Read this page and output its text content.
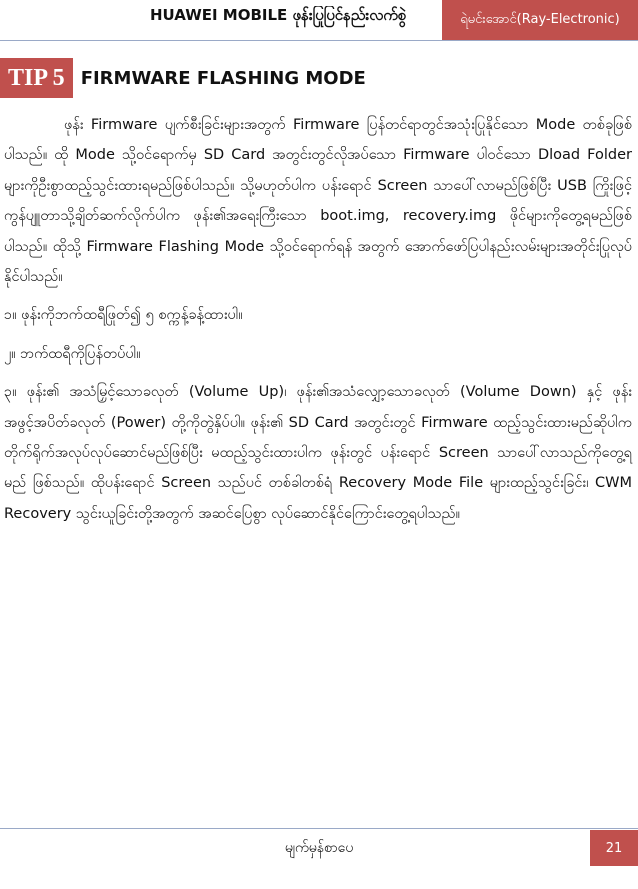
HUAWEI MOBILE ဖုန်းပြုပြင်နည်းလက်စွဲ	ရဲမင်းအောင်(Ray-Electronic)
TIP 5 FIRMWARE FLASHING MODE

ဖုန်း Firmware ပျက်စီးခြင်းများအတွက် Firmware ပြန်တင်ရာတွင်အသုံးပြုနိုင်သော Mode တစ်ခုဖြစ်ပါသည်။ ထို Mode သို့ဝင်ရောက်မှ SD Card အတွင်းတွင်လိုအပ်သော Firmware ပါဝင်သော Dload Folder များကိုဦးစွာထည့်သွင်းထားရမည်ဖြစ်ပါသည်။ သို့မဟုတ်ပါက ပန်းရောင် Screen သာပေါ်လာမည်ဖြစ်ပြီး USB ကြိုးဖြင့် ကွန်ပျူတာသို့ချိတ်ဆက်လိုက်ပါက ဖုန်း၏အရေးကြီးသော boot.img, recovery.img ဖိုင်များကိုတွေ့ရမည်ဖြစ်ပါသည်။ ထိုသို့ Firmware Flashing Mode သို့ဝင်ရောက်ရန် အတွက် အောက်ဖော်ပြပါနည်းလမ်းများအတိုင်းပြုလုပ်နိုင်ပါသည်။

၁။ ဖုန်းကိုဘက်ထရီဖြုတ်၍ ၅ စက္ကန့်ခန့်ထားပါ။

၂။ ဘက်ထရီကိုပြန်တပ်ပါ။

၃။ ဖုန်း၏ အသံမြှင့်သောခလုတ် (Volume Up)၊ ဖုန်း၏အသံလျှော့သောခလုတ် (Volume Down) နှင့် ဖုန်းအဖွင့်အပိတ်ခလုတ် (Power) တို့ကိုတွဲနှိပ်ပါ။ ဖုန်း၏ SD Card အတွင်းတွင် Firmware ထည့်သွင်းထားမည်ဆိုပါက တိုက်ရိုက်အလုပ်လုပ်ဆောင်မည်ဖြစ်ပြီး မထည့်သွင်းထားပါက ဖုန်းတွင် ပန်းရောင် Screen သာပေါ်လာသည်ကိုတွေ့ရမည် ဖြစ်သည်။ ထိုပန်းရောင် Screen သည်ပင် တစ်ခါတစ်ရံ Recovery Mode File များထည့်သွင်းခြင်း၊ CWM Recovery သွင်းယူခြင်းတို့အတွက် အဆင်ပြေစွာ လုပ်ဆောင်နိုင်ကြောင်းတွေ့ရပါသည်။

မျက်မှန်စာပေ	21
